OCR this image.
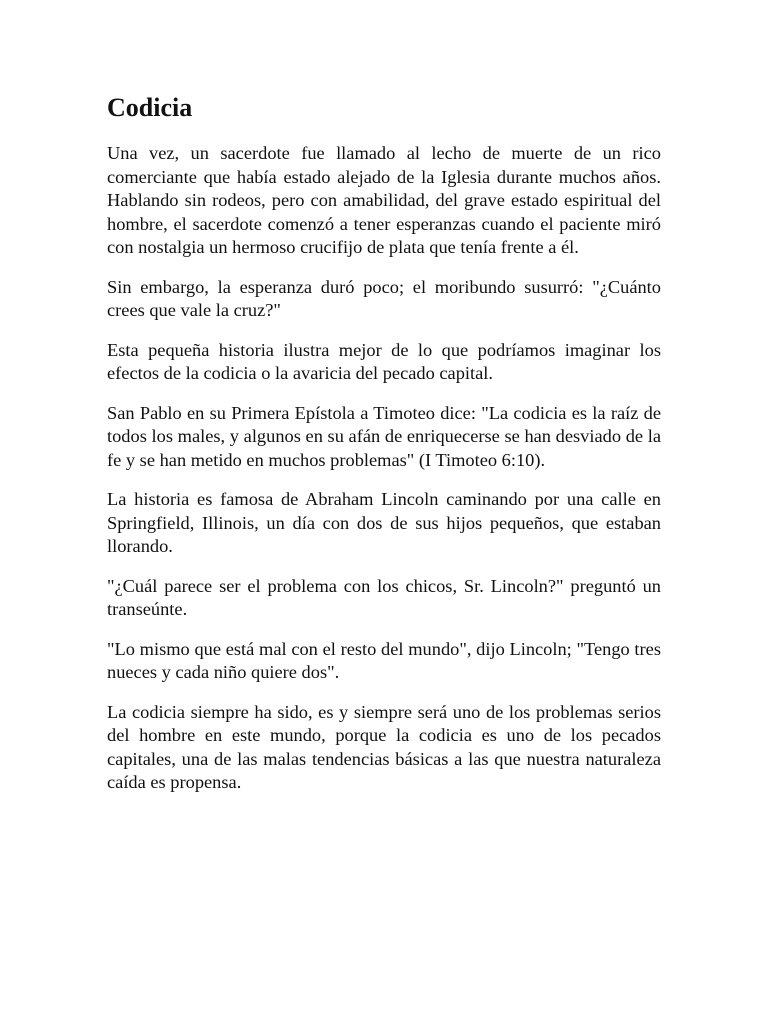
Codicia

Una vez, un sacerdote fue llamado al lecho de muerte de un rico comerciante que había estado alejado de la Iglesia durante muchos años. Hablando sin rodeos, pero con amabilidad, del grave estado espiritual del hombre, el sacerdote comenzó a tener esperanzas cuando el paciente miró con nostalgia un hermoso crucifijo de plata que tenía frente a él.

Sin embargo, la esperanza duró poco; el moribundo susurró: "¿Cuánto crees que vale la cruz?"

Esta pequeña historia ilustra mejor de lo que podríamos imaginar los efectos de la codicia o la avaricia del pecado capital.

San Pablo en su Primera Epístola a Timoteo dice: "La codicia es la raíz de todos los males, y algunos en su afán de enriquecerse se han desviado de la fe y se han metido en muchos problemas" (I Timoteo 6:10).

La historia es famosa de Abraham Lincoln caminando por una calle en Springfield, Illinois, un día con dos de sus hijos pequeños, que estaban llorando.

"¿Cuál parece ser el problema con los chicos, Sr. Lincoln?" preguntó un transeúnte.

"Lo mismo que está mal con el resto del mundo", dijo Lincoln; "Tengo tres nueces y cada niño quiere dos".

La codicia siempre ha sido, es y siempre será uno de los problemas serios del hombre en este mundo, porque la codicia es uno de los pecados capitales, una de las malas tendencias básicas a las que nuestra naturaleza caída es propensa.
